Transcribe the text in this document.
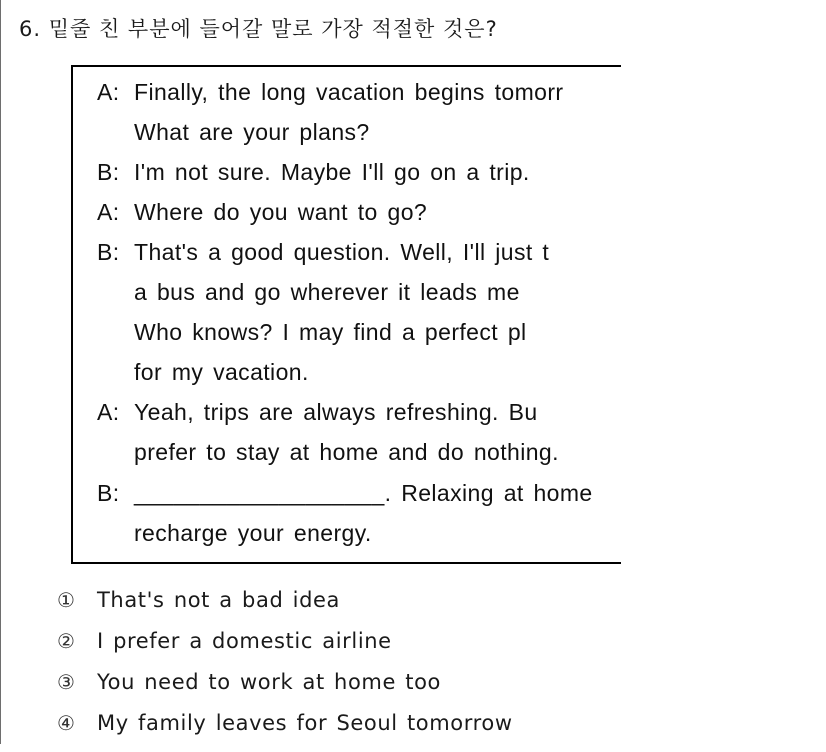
6. 밑줄 친 부분에 들어갈 말로 가장 적절한 것은?
A: Finally, the long vacation begins tomorr
What are your plans?
B: I'm not sure. Maybe I'll go on a trip.
A: Where do you want to go?
B: That's a good question. Well, I'll just t
a bus and go wherever it leads me
Who knows? I may find a perfect pl
for my vacation.
A: Yeah, trips are always refreshing. Bu
prefer to stay at home and do nothing.
B: ___________________. Relaxing at home
recharge your energy.
① That's not a bad idea
② I prefer a domestic airline
③ You need to work at home too
④ My family leaves for Seoul tomorrow
